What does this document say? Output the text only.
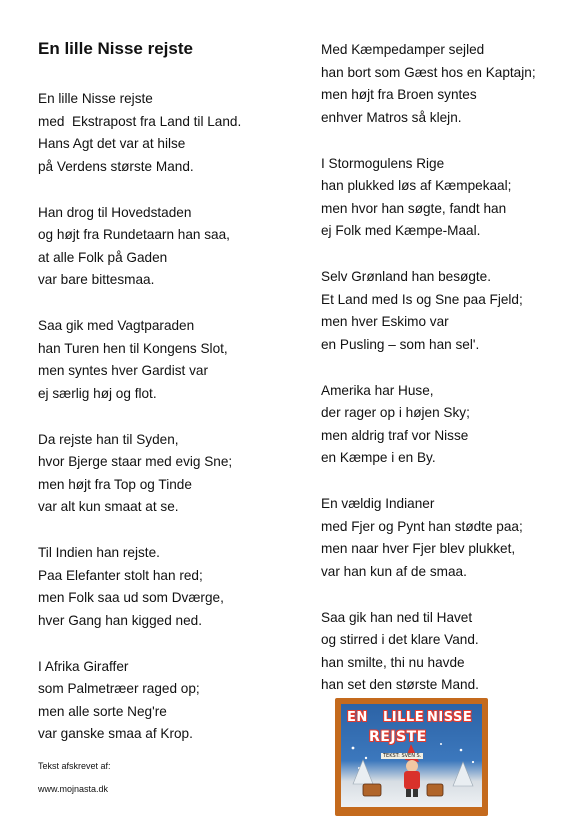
En lille Nisse rejste
En lille Nisse rejste
med  Ekstrapost fra Land til Land.
Hans Agt det var at hilse
på Verdens største Mand.
Han drog til Hovedstaden
og højt fra Rundetaarn han saa,
at alle Folk på Gaden
var bare bittesmaa.
Saa gik med Vagtparaden
han Turen hen til Kongens Slot,
men syntes hver Gardist var
ej særlig høj og flot.
Da rejste han til Syden,
hvor Bjerge staar med evig Sne;
men højt fra Top og Tinde
var alt kun smaat at se.
Til Indien han rejste.
Paa Elefanter stolt han red;
men Folk saa ud som Dværge,
hver Gang han kigged ned.
I Afrika Giraffer
som Palmetræer raged op;
men alle sorte Neg're
var ganske smaa af Krop.
Med Kæmpedamper sejled
han bort som Gæst hos en Kaptajn;
men højt fra Broen syntes
enhver Matros så klejn.
I Stormogulens Rige
han plukked løs af Kæmpekaal;
men hvor han søgte, fandt han
ej Folk med Kæmpe-Maal.
Selv Grønland han besøgte.
Et Land med Is og Sne paa Fjeld;
men hver Eskimo var
en Pusling – som han sel'.
Amerika har Huse,
der rager op i højen Sky;
men aldrig traf vor Nisse
en Kæmpe i en By.
En vældig Indianer
med Fjer og Pynt han stødte paa;
men naar hver Fjer blev plukket,
var han kun af de smaa.
Saa gik han ned til Havet
og stirred i det klare Vand.
han smilte, thi nu havde
han set den største Mand.
Tekst afskrevet af:
www.mojnasta.dk
EN LILLE NISSE
REJSTE
TEKST: SVEN S.
